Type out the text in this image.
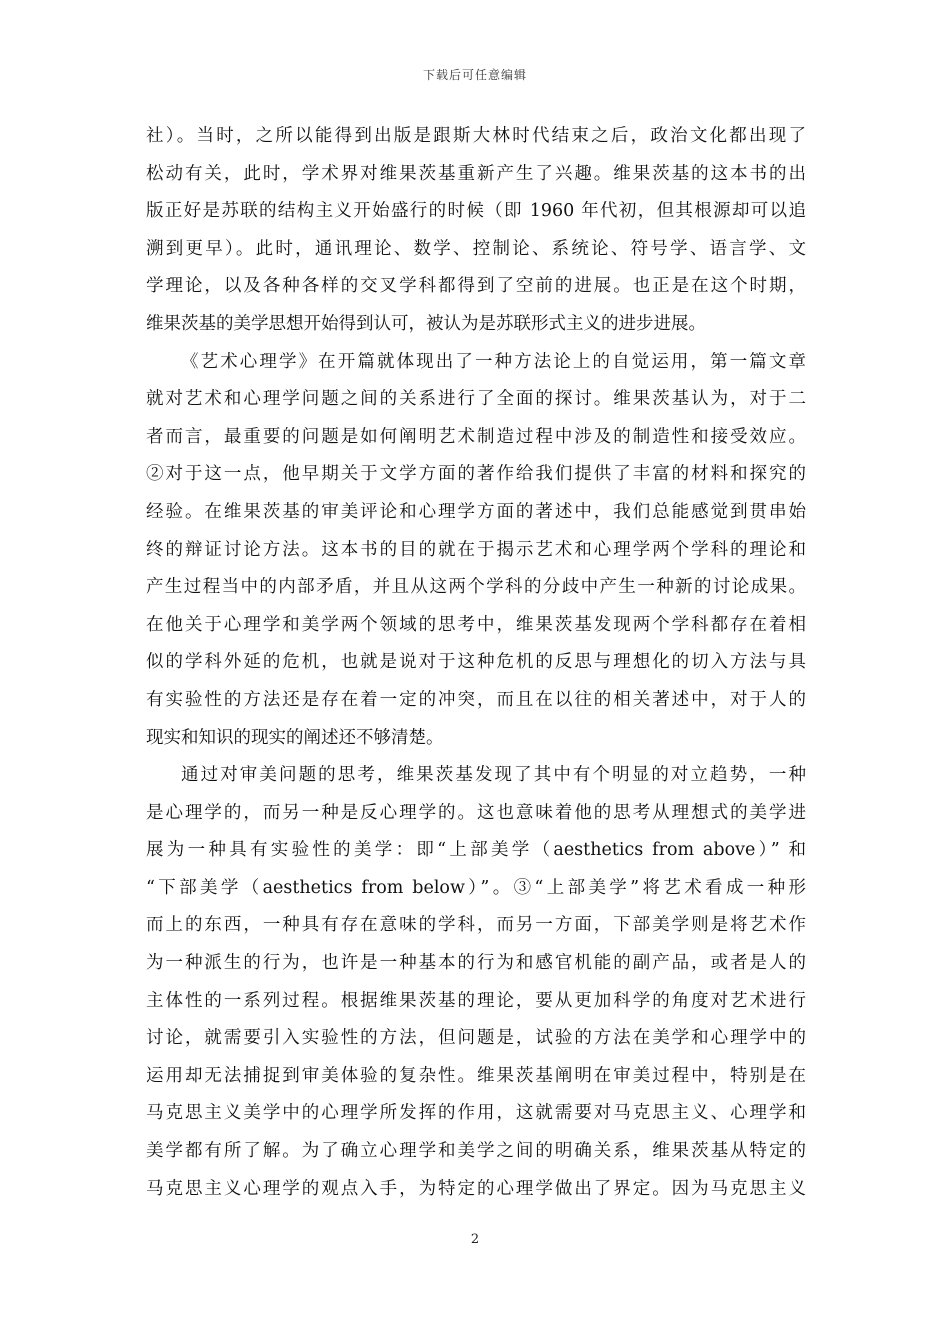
下载后可任意编辑
社）。当时，之所以能得到出版是跟斯大林时代结束之后，政治文化都出现了
松动有关，此时，学术界对维果茨基重新产生了兴趣。维果茨基的这本书的出
版正好是苏联的结构主义开始盛行的时候（即 1960 年代初，但其根源却可以追
溯到更早）。此时，通讯理论、数学、控制论、系统论、符号学、语言学、文
学理论，以及各种各样的交叉学科都得到了空前的进展。也正是在这个时期，
维果茨基的美学思想开始得到认可，被认为是苏联形式主义的进步进展。
《艺术心理学》在开篇就体现出了一种方法论上的自觉运用，第一篇文章
就对艺术和心理学问题之间的关系进行了全面的探讨。维果茨基认为，对于二
者而言，最重要的问题是如何阐明艺术制造过程中涉及的制造性和接受效应。
②对于这一点，他早期关于文学方面的著作给我们提供了丰富的材料和探究的
经验。在维果茨基的审美评论和心理学方面的著述中，我们总能感觉到贯串始
终的辩证讨论方法。这本书的目的就在于揭示艺术和心理学两个学科的理论和
产生过程当中的内部矛盾，并且从这两个学科的分歧中产生一种新的讨论成果。
在他关于心理学和美学两个领域的思考中，维果茨基发现两个学科都存在着相
似的学科外延的危机，也就是说对于这种危机的反思与理想化的切入方法与具
有实验性的方法还是存在着一定的冲突，而且在以往的相关著述中，对于人的
现实和知识的现实的阐述还不够清楚。
通过对审美问题的思考，维果茨基发现了其中有个明显的对立趋势，一种
是心理学的，而另一种是反心理学的。这也意味着他的思考从理想式的美学进
展为一种具有实验性的美学：即“上部美学（aesthetics from above）” 和
“下部美学（aesthetics from below）”。③“上部美学”将艺术看成一种形
而上的东西，一种具有存在意味的学科，而另一方面，下部美学则是将艺术作
为一种派生的行为，也许是一种基本的行为和感官机能的副产品，或者是人的
主体性的一系列过程。根据维果茨基的理论，要从更加科学的角度对艺术进行
讨论，就需要引入实验性的方法，但问题是，试验的方法在美学和心理学中的
运用却无法捕捉到审美体验的复杂性。维果茨基阐明在审美过程中，特别是在
马克思主义美学中的心理学所发挥的作用，这就需要对马克思主义、心理学和
美学都有所了解。为了确立心理学和美学之间的明确关系，维果茨基从特定的
马克思主义心理学的观点入手，为特定的心理学做出了界定。因为马克思主义
2
